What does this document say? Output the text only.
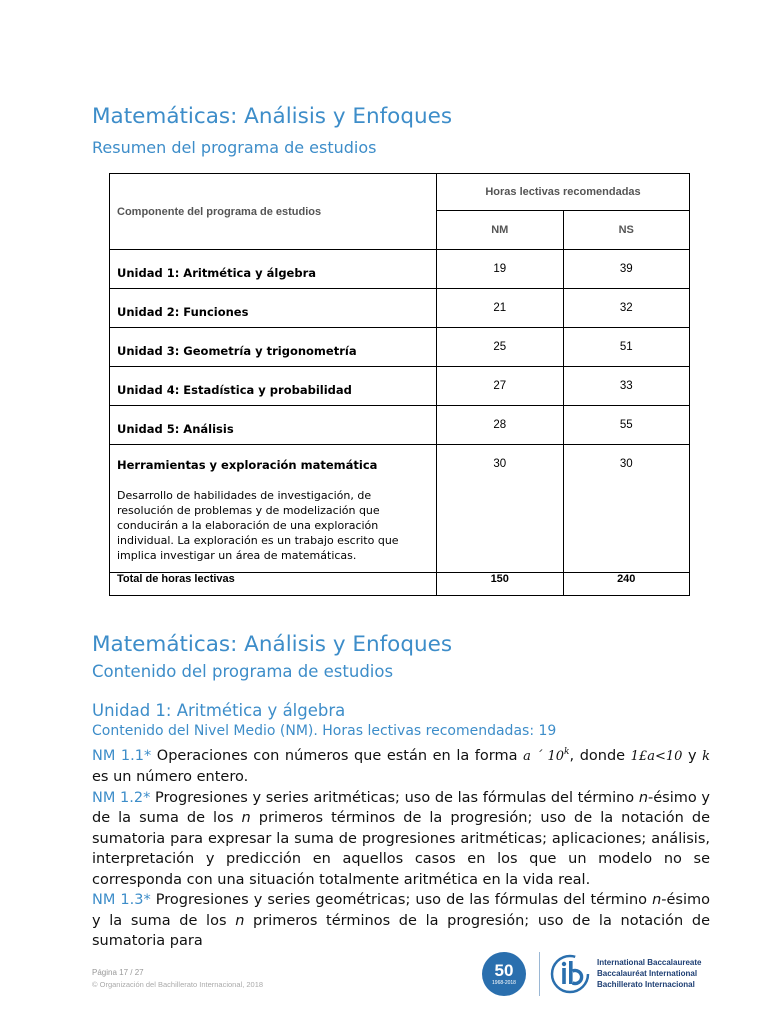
Matemáticas: Análisis y Enfoques
Resumen del programa de estudios
Componente del programa de estudios	Horas lectivas recomendadas	
	NM	NS
Unidad 1: Aritmética y álgebra	19	39
Unidad 2: Funciones	21	32
Unidad 3: Geometría y trigonometría	25	51
Unidad 4: Estadística y probabilidad	27	33
Unidad 5: Análisis	28	55

Herramientas y exploración matemática
Desarrollo de habilidades de investigación, de resolución de problemas y de modelización que conducirán a la elaboración de una exploración individual. La exploración es un trabajo escrito que implica investigar un área de matemáticas.	30	30
Total de horas lectivas	150	240
Matemáticas: Análisis y Enfoques
Contenido del programa de estudios
Unidad 1: Aritmética y álgebra
Contenido del Nivel Medio (NM). Horas lectivas recomendadas: 19
NM 1.1* Operaciones con números que están en la forma a ´ 10$^k$, donde 1£a<10 y k es un número entero.
NM 1.2* Progresiones y series aritméticas; uso de las fórmulas del término n-ésimo y de la suma de los n primeros términos de la progresión; uso de la notación de sumatoria para expresar la suma de progresiones aritméticas; aplicaciones; análisis, interpretación y predicción en aquellos casos en los que un modelo no se corresponda con una situación totalmente aritmética en la vida real.
NM 1.3* Progresiones y series geométricas; uso de las fórmulas del término n-ésimo y la suma de los n primeros términos de la progresión; uso de la notación de sumatoria para
Página 17 / 27
© Organización del Bachillerato Internacional, 2018
50
1968-2018
International Baccalaureate
Baccalauréat International
Bachillerato Internacional
